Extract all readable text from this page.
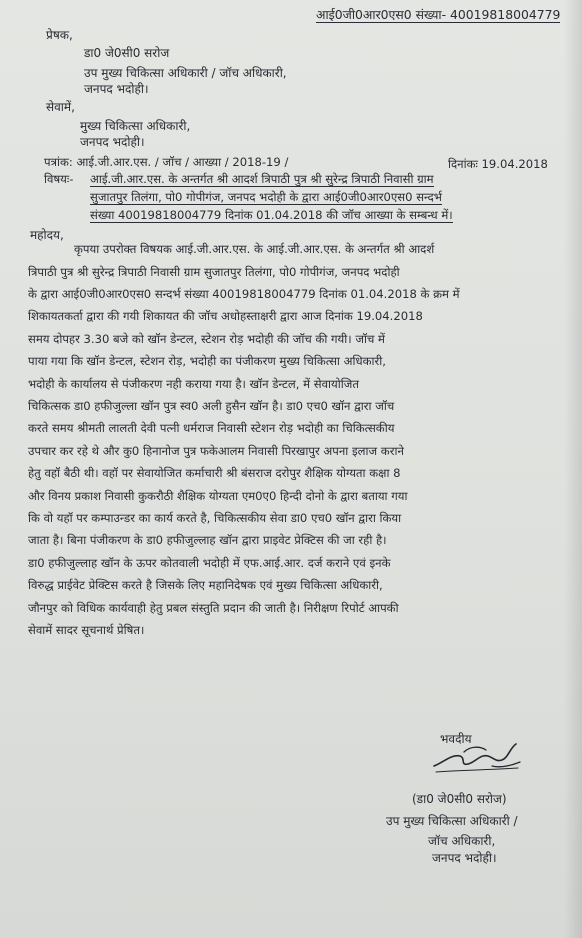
आई0जी0आर0एस0 संख्या- 40019818004779
प्रेषक,
डा0 जे0सी0 सरोज
उप मुख्य चिकित्सा अधिकारी / जॉच अधिकारी,
जनपद भदोही।
सेवामें,
मुख्य चिकित्सा अधिकारी,
जनपद भदोही।
पत्रांक: आई.जी.आर.एस. / जॉच / आख्या / 2018-19 /	दिनांकः 19.04.2018
विषयः- आई.जी.आर.एस. के अन्तर्गत श्री आदर्श त्रिपाठी पुत्र श्री सुरेन्द्र त्रिपाठी निवासी ग्राम
सुजातपुर तिलंगा, पो0 गोपीगंज, जनपद भदोही के द्वारा आई0जी0आर0एस0 सन्दर्भ
संख्या 40019818004779 दिनांक 01.04.2018 की जॉच आख्या के सम्बन्ध में।
महोदय,
कृपया उपरोक्त विषयक आई.जी.आर.एस. के आई.जी.आर.एस. के अन्तर्गत श्री आदर्श
त्रिपाठी पुत्र श्री सुरेन्द्र त्रिपाठी निवासी ग्राम सुजातपुर तिलंगा, पो0 गोपीगंज, जनपद भदोही
के द्वारा आई0जी0आर0एस0 सन्दर्भ संख्या 40019818004779 दिनांक 01.04.2018 के क्रम में
शिकायतकर्ता द्वारा की गयी शिकायत की जॉच अधोहस्ताक्षरी द्वारा आज दिनांक 19.04.2018
समय दोपहर 3.30 बजे को खॉन डेन्टल, स्टेशन रोड़ भदोही की जॉच की गयी। जॉच में
पाया गया कि खॉन डेन्टल, स्टेशन रोड़, भदोही का पंजीकरण मुख्य चिकित्सा अधिकारी,
भदोही के कार्यालय से पंजीकरण नही कराया गया है। खॉन डेन्टल, में सेवायोजित
चिकित्सक डा0 हफीजुल्ला खॉन पुत्र स्व0 अली हुसैन खॉन है। डा0 एच0 खॉन द्वारा जॉच
करते समय श्रीमती लालती देवी पत्नी धर्मराज निवासी स्टेशन रोड़ भदोही का चिकित्सकीय
उपचार कर रहे थे और कु0 हिनानोज पुत्र फकेआलम निवासी पिरखापुर अपना इलाज कराने
हेतु वहॉ बैठी थी। वहॉ पर सेवायोजित कर्माचारी श्री बंसराज दरोपुर शैक्षिक योग्यता कक्षा 8
और विनय प्रकाश निवासी कुकरौठी शैक्षिक योग्यता एम0ए0 हिन्दी दोनो के द्वारा बताया गया
कि वो यहॉ पर कम्पाउन्डर का कार्य करते है, चिकित्सकीय सेवा डा0 एच0 खॉन द्वारा किया
जाता है। बिना पंजीकरण के डा0 हफीजुल्लाह खॉन द्वारा प्राइवेट प्रेक्टिस की जा रही है।
डा0 हफीजुल्लाह खॉन के ऊपर कोतवाली भदोही में एफ.आई.आर. दर्ज कराने एवं इनके
विरुद्ध प्राईवेट प्रेक्टिस करते है जिसके लिए महानिदेषक एवं मुख्य चिकित्सा अधिकारी,
जौनपुर को विधिक कार्यवाही हेतु प्रबल संस्तुति प्रदान की जाती है। निरीक्षण रिपोर्ट आपकी
सेवामें सादर सूचनार्थ प्रेषित।
भवदीय
(डा0 जे0सी0 सरोज)
उप मुख्य चिकित्सा अधिकारी /
जॉच अधिकारी,
जनपद भदोही।
